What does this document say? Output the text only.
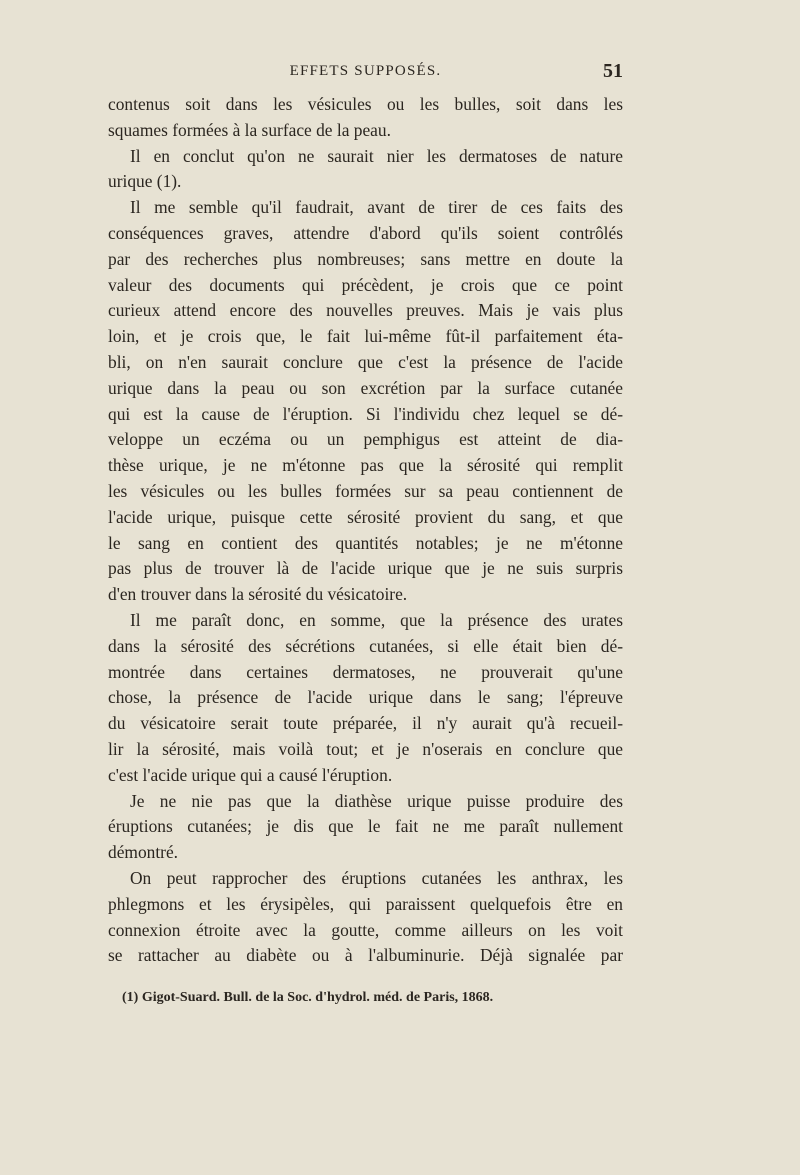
EFFETS SUPPOSÉS.	51
contenus soit dans les vésicules ou les bulles, soit dans les
squames formées à la surface de la peau.
Il en conclut qu'on ne saurait nier les dermatoses de nature
urique (1).
Il me semble qu'il faudrait, avant de tirer de ces faits des
conséquences graves, attendre d'abord qu'ils soient contrôlés
par des recherches plus nombreuses; sans mettre en doute la
valeur des documents qui précèdent, je crois que ce point
curieux attend encore des nouvelles preuves. Mais je vais plus
loin, et je crois que, le fait lui-même fût-il parfaitement éta-
bli, on n'en saurait conclure que c'est la présence de l'acide
urique dans la peau ou son excrétion par la surface cutanée
qui est la cause de l'éruption. Si l'individu chez lequel se dé-
veloppe un eczéma ou un pemphigus est atteint de dia-
thèse urique, je ne m'étonne pas que la sérosité qui remplit
les vésicules ou les bulles formées sur sa peau contiennent de
l'acide urique, puisque cette sérosité provient du sang, et que
le sang en contient des quantités notables; je ne m'étonne
pas plus de trouver là de l'acide urique que je ne suis surpris
d'en trouver dans la sérosité du vésicatoire.
Il me paraît donc, en somme, que la présence des urates
dans la sérosité des sécrétions cutanées, si elle était bien dé-
montrée dans certaines dermatoses, ne prouverait qu'une
chose, la présence de l'acide urique dans le sang; l'épreuve
du vésicatoire serait toute préparée, il n'y aurait qu'à recueil-
lir la sérosité, mais voilà tout; et je n'oserais en conclure que
c'est l'acide urique qui a causé l'éruption.
Je ne nie pas que la diathèse urique puisse produire des
éruptions cutanées; je dis que le fait ne me paraît nullement
démontré.
On peut rapprocher des éruptions cutanées les anthrax, les
phlegmons et les érysipèles, qui paraissent quelquefois être en
connexion étroite avec la goutte, comme ailleurs on les voit
se rattacher au diabète ou à l'albuminurie. Déjà signalée par
(1) Gigot-Suard. Bull. de la Soc. d'hydrol. méd. de Paris, 1868.
